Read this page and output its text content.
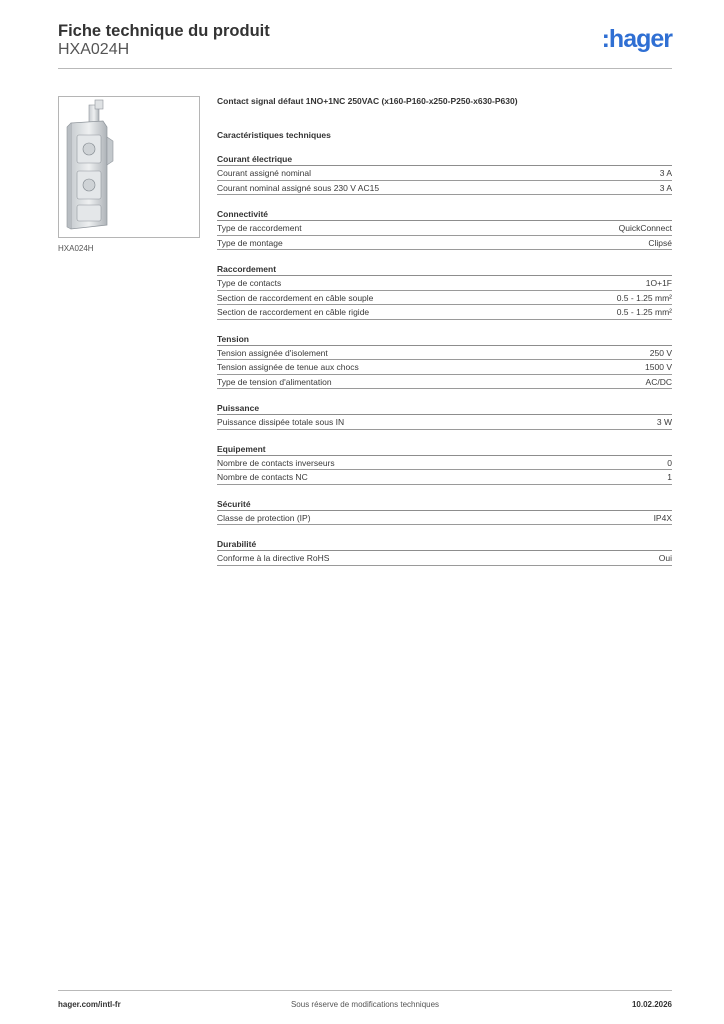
Fiche technique du produit
HXA024H	:hager
HXA024H
Contact signal défaut 1NO+1NC 250VAC (x160-P160-x250-P250-x630-P630)
Caractéristiques techniques
Courant électrique
Courant assigné nominal	3 A
Courant nominal assigné sous 230 V AC15	3 A
Connectivité
Type de raccordement	QuickConnect
Type de montage	Clipsé
Raccordement
Type de contacts	1O+1F
Section de raccordement en câble souple	0.5 - 1.25 mm²
Section de raccordement en câble rigide	0.5 - 1.25 mm²
Tension
Tension assignée d'isolement	250 V
Tension assignée de tenue aux chocs	1500 V
Type de tension d'alimentation	AC/DC
Puissance
Puissance dissipée totale sous IN	3 W
Equipement
Nombre de contacts inverseurs	0
Nombre de contacts NC	1
Sécurité
Classe de protection (IP)	IP4X
Durabilité
Conforme à la directive RoHS	Oui
hager.com/intl-fr	Sous réserve de modifications techniques	10.02.2026
